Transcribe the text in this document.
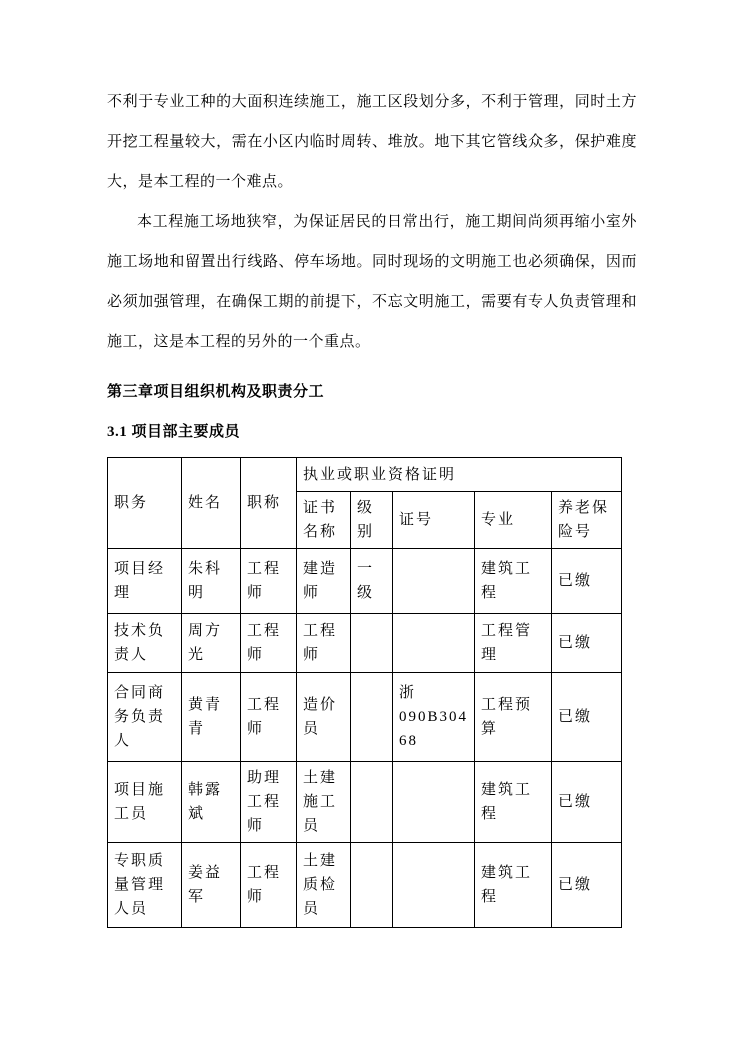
不利于专业工种的大面积连续施工，施工区段划分多，不利于管理，同时土方开挖工程量较大，需在小区内临时周转、堆放。地下其它管线众多，保护难度大，是本工程的一个难点。

本工程施工场地狭窄，为保证居民的日常出行，施工期间尚须再缩小室外施工场地和留置出行线路、停车场地。同时现场的文明施工也必须确保，因而必须加强管理，在确保工期的前提下，不忘文明施工，需要有专人负责管理和施工，这是本工程的另外的一个重点。

第三章项目组织机构及职责分工
3.1 项目部主要成员
职务	姓名	职称	执业或职业资格证明				
			证书名称	级别	证号	专业	养老保险号
项目经理	朱科明	工程师	建造师	一级		建筑工程	已缴
技术负责人	周方光	工程师	工程师			工程管理	已缴
合同商务负责人	黄青青	工程师	造价员		浙090B30468	工程预算	已缴
项目施工员	韩露斌	助理工程师	土建施工员			建筑工程	已缴
专职质量管理人员	姜益军	工程师	土建质检员			建筑工程	已缴
